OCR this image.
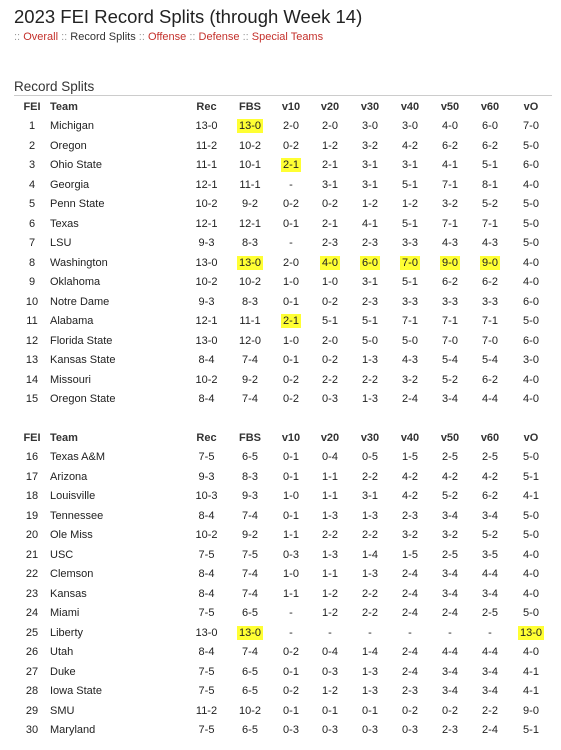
2023 FEI Record Splits (through Week 14)
:: Overall :: Record Splits :: Offense :: Defense :: Special Teams
Record Splits
FEI	Team	Rec	FBS	v10	v20	v30	v40	v50	v60	vO
1	Michigan	13-0	13-0	2-0	2-0	3-0	3-0	4-0	6-0	7-0
2	Oregon	11-2	10-2	0-2	1-2	3-2	4-2	6-2	6-2	5-0
3	Ohio State	11-1	10-1	2-1	2-1	3-1	3-1	4-1	5-1	6-0
4	Georgia	12-1	11-1	-	3-1	3-1	5-1	7-1	8-1	4-0
5	Penn State	10-2	9-2	0-2	0-2	1-2	1-2	3-2	5-2	5-0
6	Texas	12-1	12-1	0-1	2-1	4-1	5-1	7-1	7-1	5-0
7	LSU	9-3	8-3	-	2-3	2-3	3-3	4-3	4-3	5-0
8	Washington	13-0	13-0	2-0	4-0	6-0	7-0	9-0	9-0	4-0
9	Oklahoma	10-2	10-2	1-0	1-0	3-1	5-1	6-2	6-2	4-0
10	Notre Dame	9-3	8-3	0-1	0-2	2-3	3-3	3-3	3-3	6-0
11	Alabama	12-1	11-1	2-1	5-1	5-1	7-1	7-1	7-1	5-0
12	Florida State	13-0	12-0	1-0	2-0	5-0	5-0	7-0	7-0	6-0
13	Kansas State	8-4	7-4	0-1	0-2	1-3	4-3	5-4	5-4	3-0
14	Missouri	10-2	9-2	0-2	2-2	2-2	3-2	5-2	6-2	4-0
15	Oregon State	8-4	7-4	0-2	0-3	1-3	2-4	3-4	4-4	4-0
FEI	Team	Rec	FBS	v10	v20	v30	v40	v50	v60	vO
16	Texas A&M	7-5	6-5	0-1	0-4	0-5	1-5	2-5	2-5	5-0
17	Arizona	9-3	8-3	0-1	1-1	2-2	4-2	4-2	4-2	5-1
18	Louisville	10-3	9-3	1-0	1-1	3-1	4-2	5-2	6-2	4-1
19	Tennessee	8-4	7-4	0-1	1-3	1-3	2-3	3-4	3-4	5-0
20	Ole Miss	10-2	9-2	1-1	2-2	2-2	3-2	3-2	5-2	5-0
21	USC	7-5	7-5	0-3	1-3	1-4	1-5	2-5	3-5	4-0
22	Clemson	8-4	7-4	1-0	1-1	1-3	2-4	3-4	4-4	4-0
23	Kansas	8-4	7-4	1-1	1-2	2-2	2-4	3-4	3-4	4-0
24	Miami	7-5	6-5	-	1-2	2-2	2-4	2-4	2-5	5-0
25	Liberty	13-0	13-0	-	-	-	-	-	-	13-0
26	Utah	8-4	7-4	0-2	0-4	1-4	2-4	4-4	4-4	4-0
27	Duke	7-5	6-5	0-1	0-3	1-3	2-4	3-4	3-4	4-1
28	Iowa State	7-5	6-5	0-2	1-2	1-3	2-3	3-4	3-4	4-1
29	SMU	11-2	10-2	0-1	0-1	0-1	0-2	0-2	2-2	9-0
30	Maryland	7-5	6-5	0-3	0-3	0-3	0-3	2-3	2-4	5-1
